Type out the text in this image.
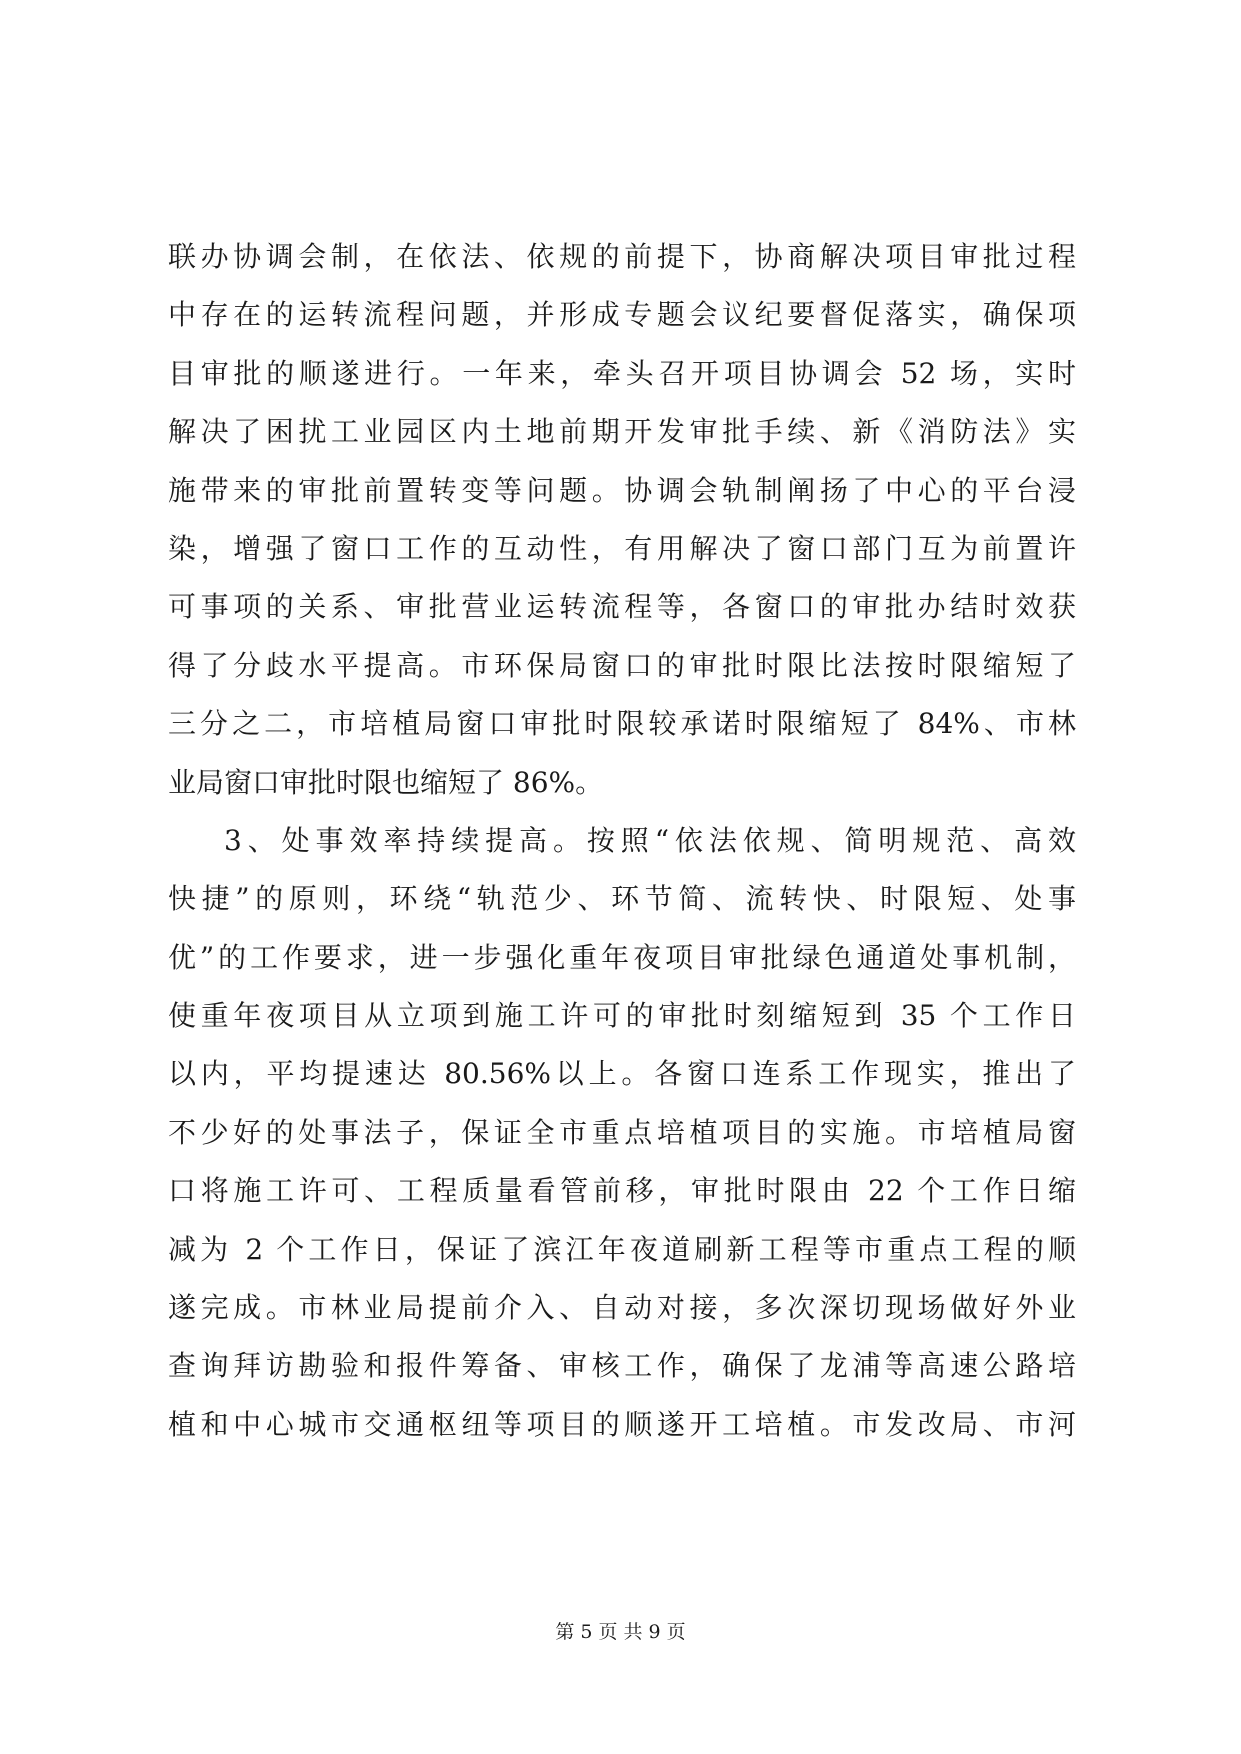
联办协调会制，在依法、依规的前提下，协商解决项目审批过程
中存在的运转流程问题，并形成专题会议纪要督促落实，确保项
目审批的顺遂进行。一年来，牵头召开项目协调会 52 场，实时
解决了困扰工业园区内土地前期开发审批手续、新《消防法》实
施带来的审批前置转变等问题。协调会轨制阐扬了中心的平台浸
染，增强了窗口工作的互动性，有用解决了窗口部门互为前置许
可事项的关系、审批营业运转流程等，各窗口的审批办结时效获
得了分歧水平提高。市环保局窗口的审批时限比法按时限缩短了
三分之二，市培植局窗口审批时限较承诺时限缩短了 84%、市林
业局窗口审批时限也缩短了 86%。
3、处事效率持续提高。按照“依法依规、简明规范、高效
快捷”的原则，环绕“轨范少、环节简、流转快、时限短、处事
优”的工作要求，进一步强化重年夜项目审批绿色通道处事机制，
使重年夜项目从立项到施工许可的审批时刻缩短到 35 个工作日
以内，平均提速达 80.56%以上。各窗口连系工作现实，推出了
不少好的处事法子，保证全市重点培植项目的实施。市培植局窗
口将施工许可、工程质量看管前移，审批时限由 22 个工作日缩
减为 2 个工作日，保证了滨江年夜道刷新工程等市重点工程的顺
遂完成。市林业局提前介入、自动对接，多次深切现场做好外业
查询拜访勘验和报件筹备、审核工作，确保了龙浦等高速公路培
植和中心城市交通枢纽等项目的顺遂开工培植。市发改局、市河
第 5 页 共 9 页
